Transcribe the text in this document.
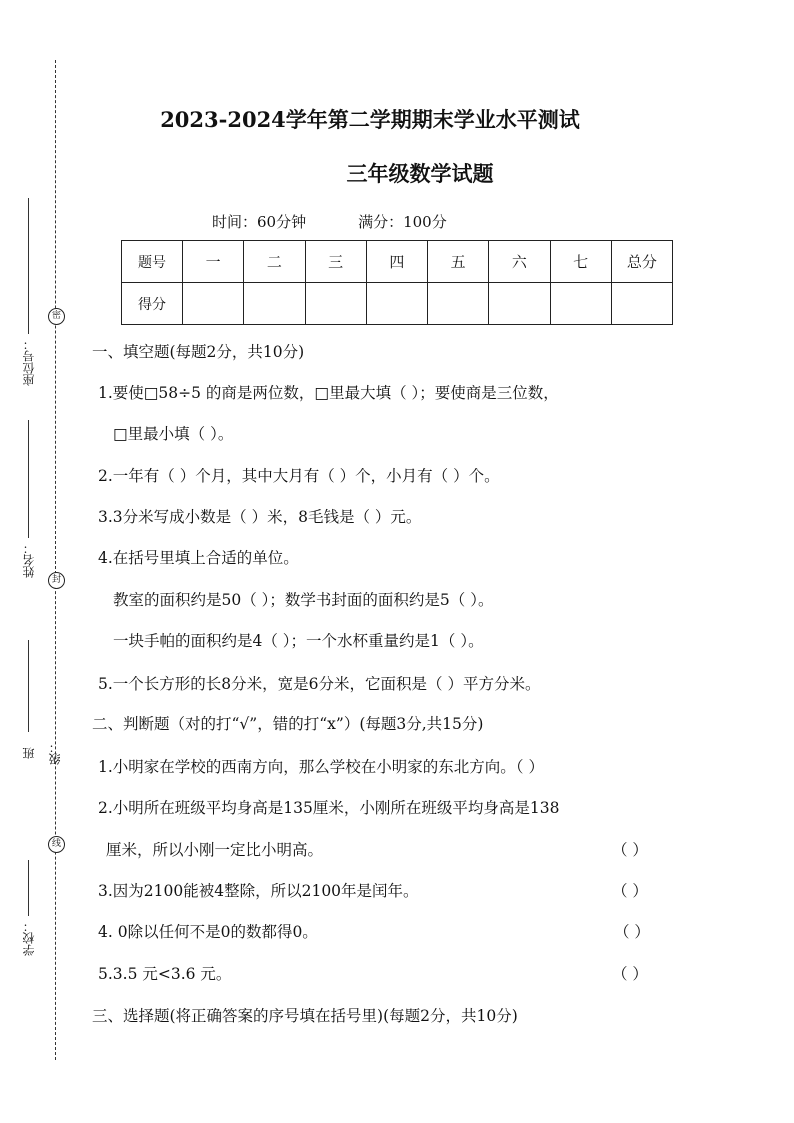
密
封
线
座位号：
姓名：
班级：
学校：
2023-2024学年第二学期期末学业水平测试
三年级数学试题
时间：60分钟	满分：100分
题号	一	二	三	四	五	六	七	总分
得分								
一、填空题(每题2分，共10分)
1.要使□58÷5 的商是两位数，□里最大填（ ）；要使商是三位数，
□里最小填（ ）。
2.一年有（ ）个月，其中大月有（ ）个，小月有（ ）个。
3.3分米写成小数是（ ）米，8毛钱是（ ）元。
4.在括号里填上合适的单位。
教室的面积约是50（ ）；数学书封面的面积约是5（ ）。
一块手帕的面积约是4（ ）；一个水杯重量约是1（ ）。
5.一个长方形的长8分米，宽是6分米，它面积是（ ）平方分米。
二、判断题（对的打“√”，错的打“x”）(每题3分,共15分)
1.小明家在学校的西南方向，那么学校在小明家的东北方向。（ ）
2.小明所在班级平均身高是135厘米，小刚所在班级平均身高是138
厘米，所以小刚一定比小明高。	（ ）
3.因为2100能被4整除，所以2100年是闰年。	（ ）
4. 0除以任何不是0的数都得0。	（ ）
5.3.5 元<3.6 元。	（ ）
三、选择题(将正确答案的序号填在括号里)(每题2分，共10分)
